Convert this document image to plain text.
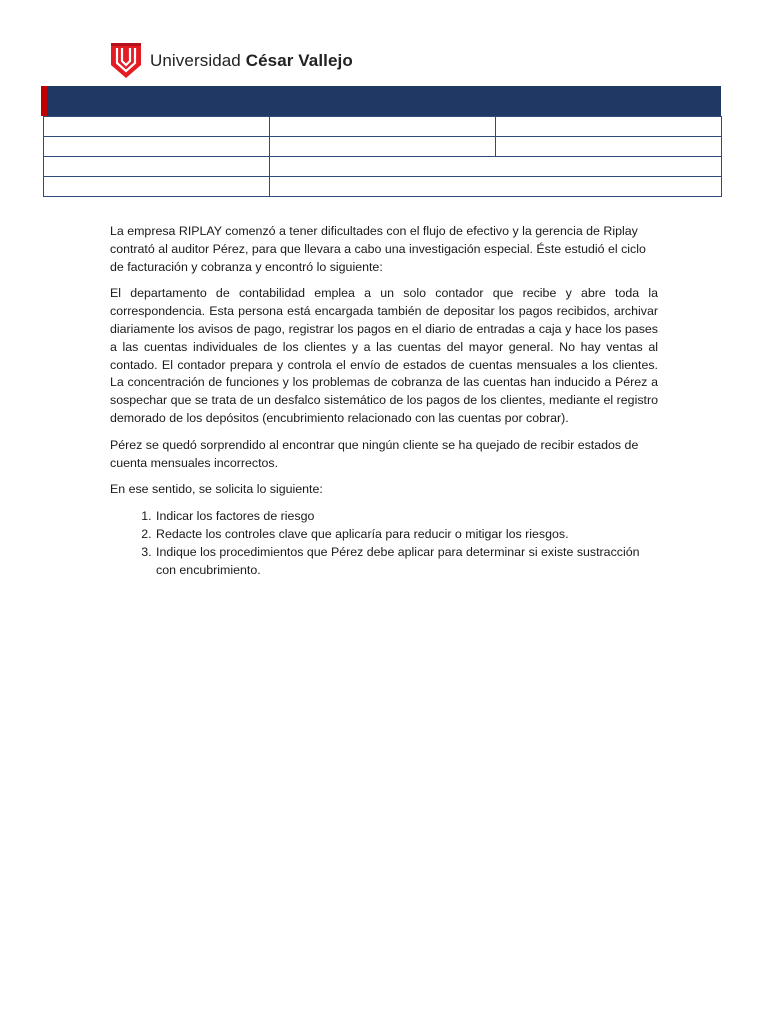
Universidad César Vallejo

La empresa RIPLAY comenzó a tener dificultades con el flujo de efectivo y la gerencia de Riplay contrató al auditor Pérez, para que llevara a cabo una investigación especial. Éste estudió el ciclo de facturación y cobranza y encontró lo siguiente:

El departamento de contabilidad emplea a un solo contador que recibe y abre toda la correspondencia. Esta persona está encargada también de depositar los pagos recibidos, archivar diariamente los avisos de pago, registrar los pagos en el diario de entradas a caja y hace los pases a las cuentas individuales de los clientes y a las cuentas del mayor general. No hay ventas al contado. El contador prepara y controla el envío de estados de cuentas mensuales a los clientes. La concentración de funciones y los problemas de cobranza de las cuentas han inducido a Pérez a sospechar que se trata de un desfalco sistemático de los pagos de los clientes, mediante el registro demorado de los depósitos (encubrimiento relacionado con las cuentas por cobrar).

Pérez se quedó sorprendido al encontrar que ningún cliente se ha quejado de recibir estados de cuenta mensuales incorrectos.

En ese sentido, se solicita lo siguiente:

1. Indicar los factores de riesgo
2. Redacte los controles clave que aplicaría para reducir o mitigar los riesgos.
3. Indique los procedimientos que Pérez debe aplicar para determinar si existe sustracción con encubrimiento.
